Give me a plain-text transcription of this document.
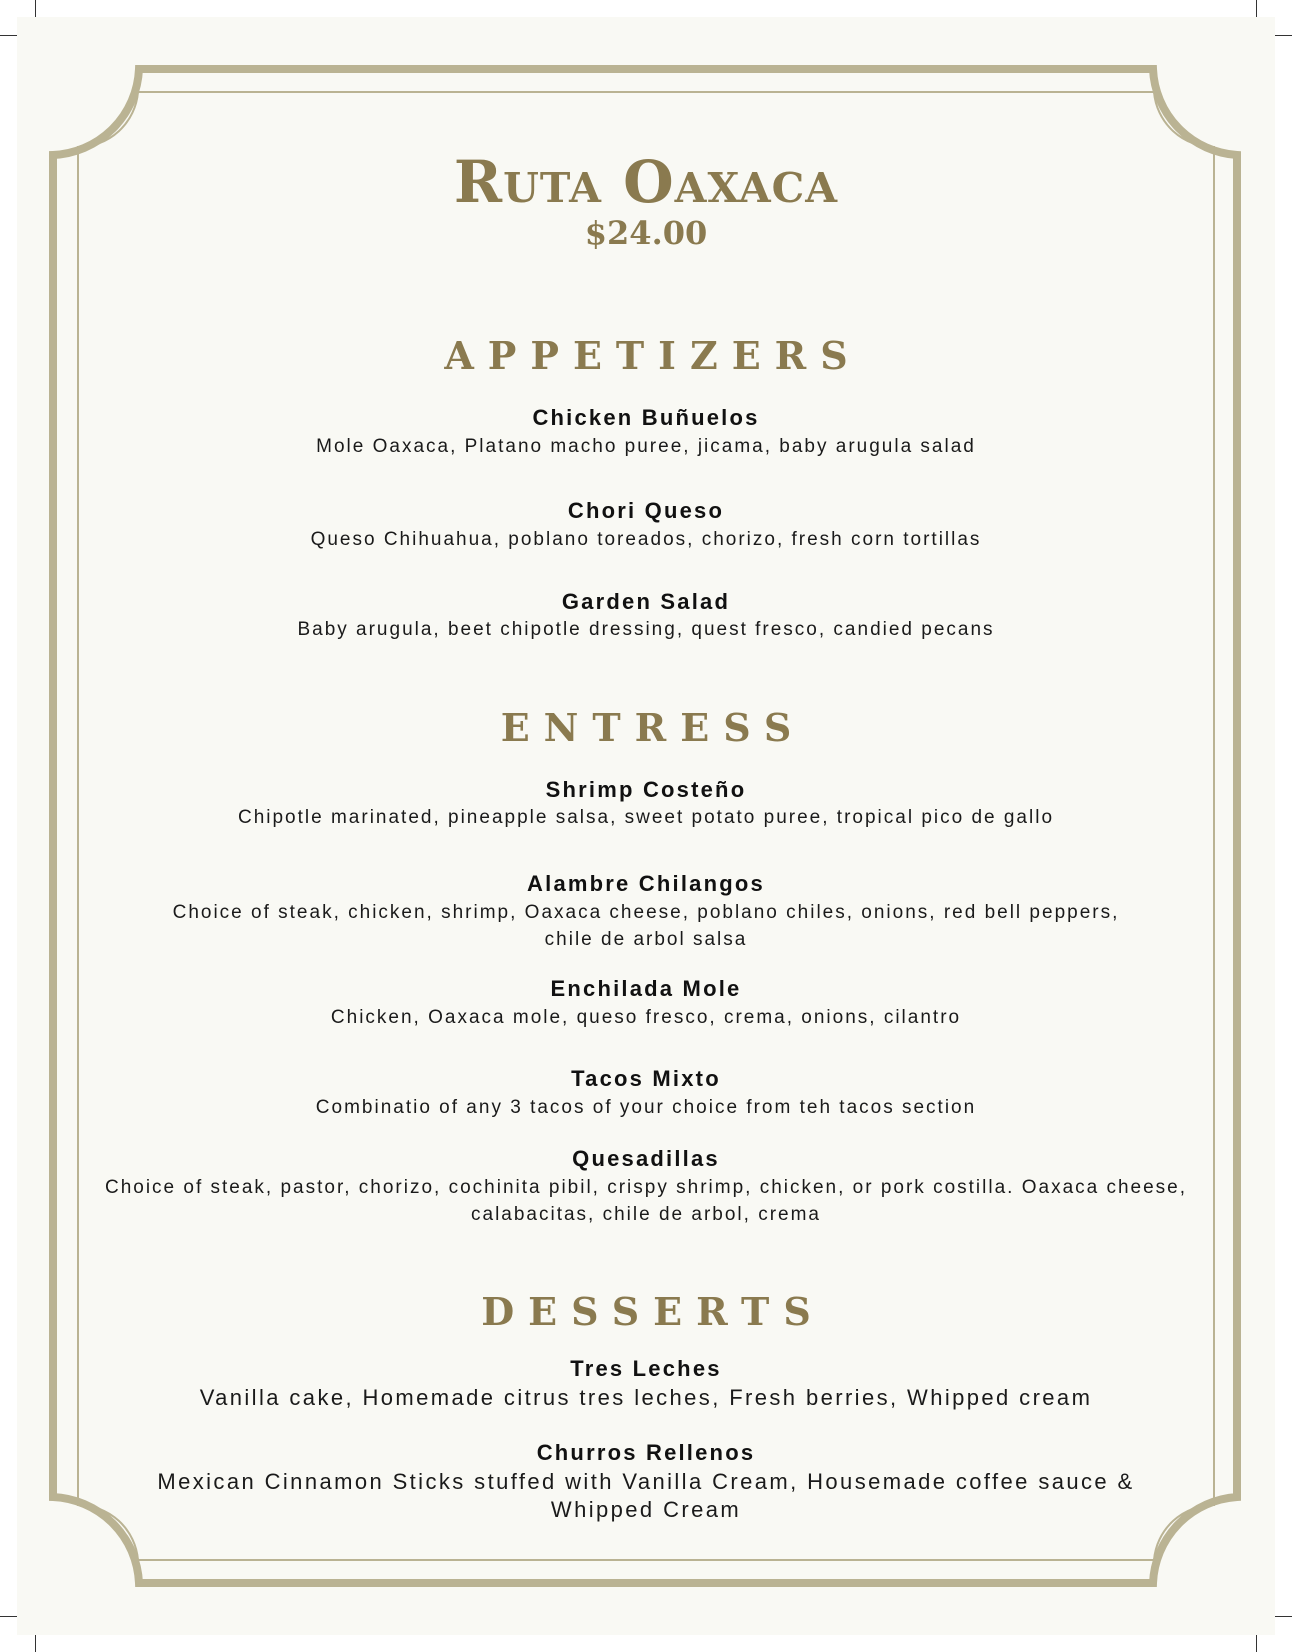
Ruta Oaxaca
$24.00
APPETIZERS
Chicken Buñuelos
Mole Oaxaca, Platano macho puree, jicama, baby arugula salad
Chori Queso
Queso Chihuahua, poblano toreados, chorizo, fresh corn tortillas
Garden Salad
Baby arugula, beet chipotle dressing, quest fresco, candied pecans
ENTRESS
Shrimp Costeño
Chipotle marinated, pineapple salsa, sweet potato puree, tropical pico de gallo
Alambre Chilangos
Choice of steak, chicken, shrimp, Oaxaca cheese, poblano chiles, onions, red bell peppers, chile de arbol salsa
Enchilada Mole
Chicken, Oaxaca mole, queso fresco, crema, onions, cilantro
Tacos Mixto
Combinatio of any 3 tacos of your choice from teh tacos section
Quesadillas
Choice of steak, pastor, chorizo, cochinita pibil, crispy shrimp, chicken, or pork costilla. Oaxaca cheese, calabacitas, chile de arbol, crema
DESSERTS
Tres Leches
Vanilla cake, Homemade citrus tres leches, Fresh berries, Whipped cream
Churros Rellenos
Mexican Cinnamon Sticks stuffed with Vanilla Cream, Housemade coffee sauce & Whipped Cream
